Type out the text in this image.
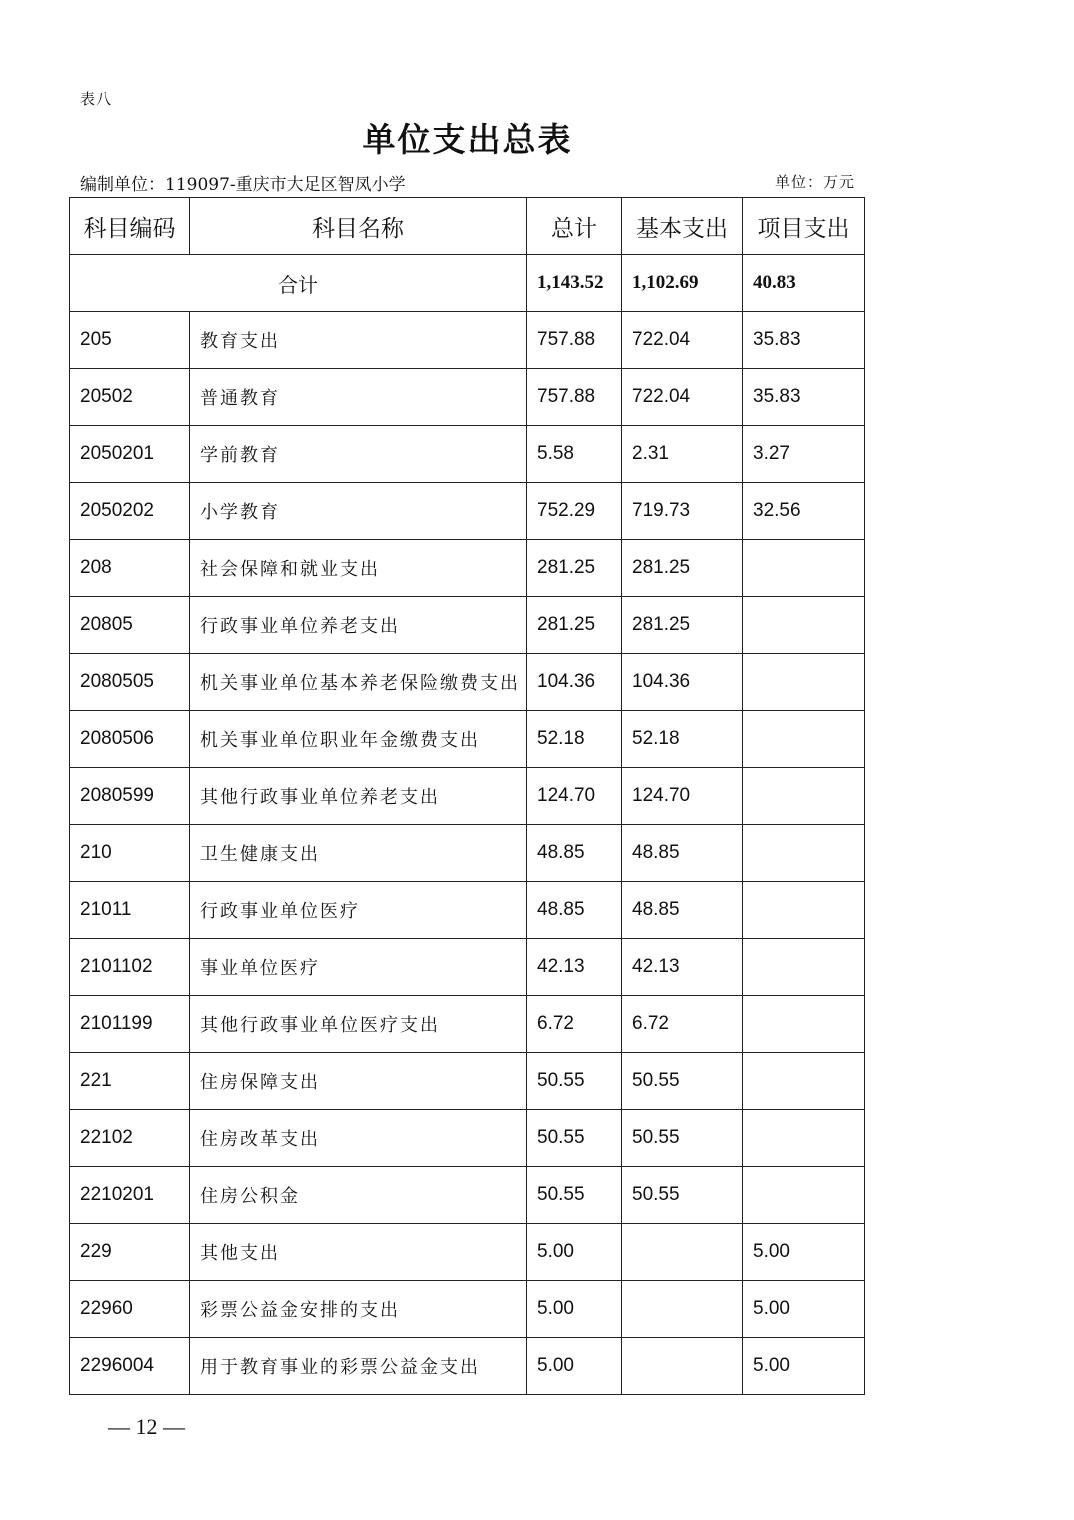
表八
单位支出总表
编制单位：119097-重庆市大足区智凤小学	单位：万元
科目编码	科目名称	总计	基本支出	项目支出
合计		1,143.52	1,102.69	40.83
205	教育支出	757.88	722.04	35.83
20502	普通教育	757.88	722.04	35.83
2050201	学前教育	5.58	2.31	3.27
2050202	小学教育	752.29	719.73	32.56
208	社会保障和就业支出	281.25	281.25	
20805	行政事业单位养老支出	281.25	281.25	
2080505	机关事业单位基本养老保险缴费支出	104.36	104.36	
2080506	机关事业单位职业年金缴费支出	52.18	52.18	
2080599	其他行政事业单位养老支出	124.70	124.70	
210	卫生健康支出	48.85	48.85	
21011	行政事业单位医疗	48.85	48.85	
2101102	事业单位医疗	42.13	42.13	
2101199	其他行政事业单位医疗支出	6.72	6.72	
221	住房保障支出	50.55	50.55	
22102	住房改革支出	50.55	50.55	
2210201	住房公积金	50.55	50.55	
229	其他支出	5.00		5.00
22960	彩票公益金安排的支出	5.00		5.00
2296004	用于教育事业的彩票公益金支出	5.00		5.00
— 12 —
